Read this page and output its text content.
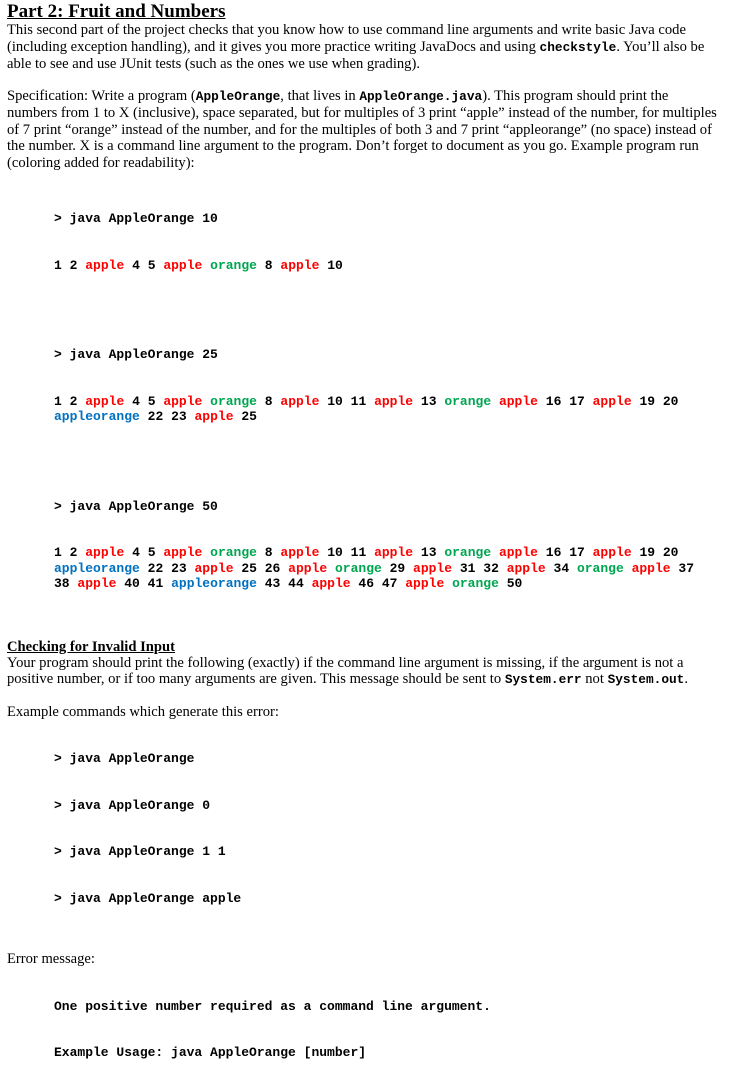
Part 2: Fruit and Numbers

This second part of the project checks that you know how to use command line arguments and write basic Java code
(including exception handling), and it gives you more practice writing JavaDocs and using checkstyle. You’ll also be
able to see and use JUnit tests (such as the ones we use when grading).

Specification: Write a program (AppleOrange, that lives in AppleOrange.java). This program should print the
numbers from 1 to X (inclusive), space separated, but for multiples of 3 print “apple” instead of the number, for multiples
of 7 print “orange” instead of the number, and for the multiples of both 3 and 7 print “appleorange” (no space) instead of
the number. X is a command line argument to the program. Don’t forget to document as you go. Example program run
(coloring added for readability):

> java AppleOrange 10

1 2 apple 4 5 apple orange 8 apple 10

> java AppleOrange 25

1 2 apple 4 5 apple orange 8 apple 10 11 apple 13 orange apple 16 17 apple 19 20
appleorange 22 23 apple 25

> java AppleOrange 50

1 2 apple 4 5 apple orange 8 apple 10 11 apple 13 orange apple 16 17 apple 19 20
appleorange 22 23 apple 25 26 apple orange 29 apple 31 32 apple 34 orange apple 37
38 apple 40 41 appleorange 43 44 apple 46 47 apple orange 50

Checking for Invalid Input

Your program should print the following (exactly) if the command line argument is missing, if the argument is not a
positive number, or if too many arguments are given. This message should be sent to System.err not System.out.

Example commands which generate this error:

> java AppleOrange

> java AppleOrange 0

> java AppleOrange 1 1

> java AppleOrange apple

Error message:

One positive number required as a command line argument.

Example Usage: java AppleOrange [number]
